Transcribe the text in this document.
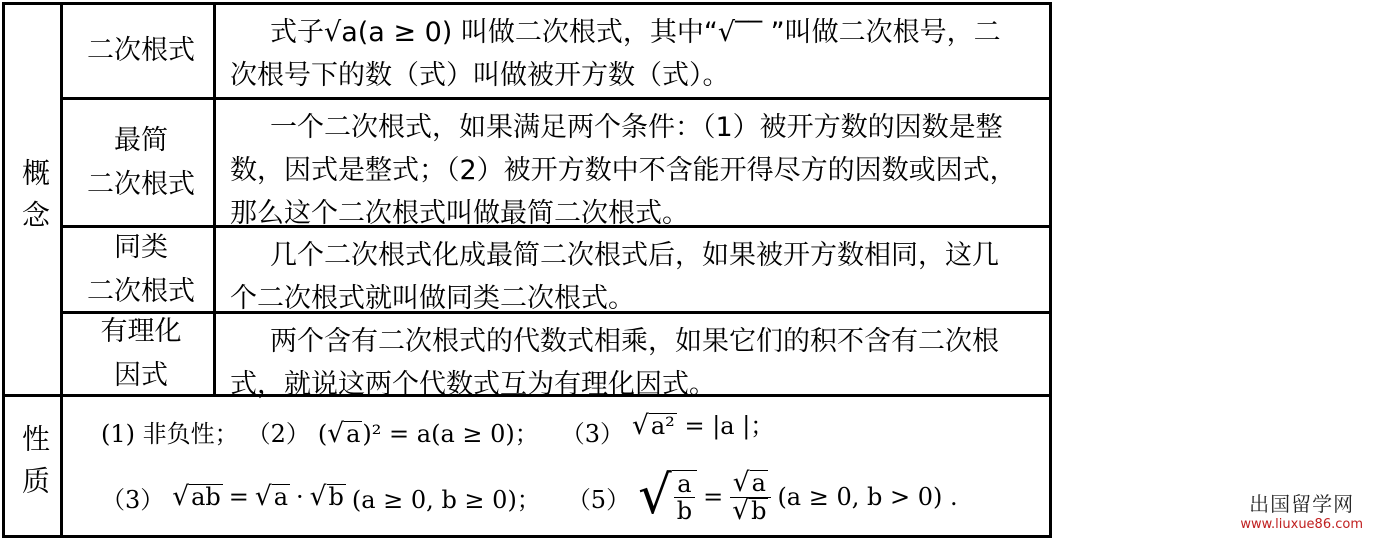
概念
性质
二次根式
最简
二次根式
同类
二次根式
有理化
因式
式子√a(a ≥ 0) 叫做二次根式，其中“√‾‾ ”叫做二次根号，二
次根号下的数（式）叫做被开方数（式）。
一个二次根式，如果满足两个条件：（1）被开方数的因数是整
数，因式是整式；（2）被开方数中不含能开得尽方的因数或因式，
那么这个二次根式叫做最简二次根式。
几个二次根式化成最简二次根式后，如果被开方数相同，这几
个二次根式就叫做同类二次根式。
两个含有二次根式的代数式相乘，如果它们的积不含有二次根
式，就说这两个代数式互为有理化因式。
(1) 非负性； （2） ( √ a )² = a(a ≥ 0)； （3） √ a² = |a |；
（3） √ ab = √ a · √ b (a ≥ 0, b ≥ 0)； （5） √ $\frac{a}{b} = \frac{√ a}{√ b} (a \ge 0$, b > 0) .	出国留学网
www.liuxue86.com
